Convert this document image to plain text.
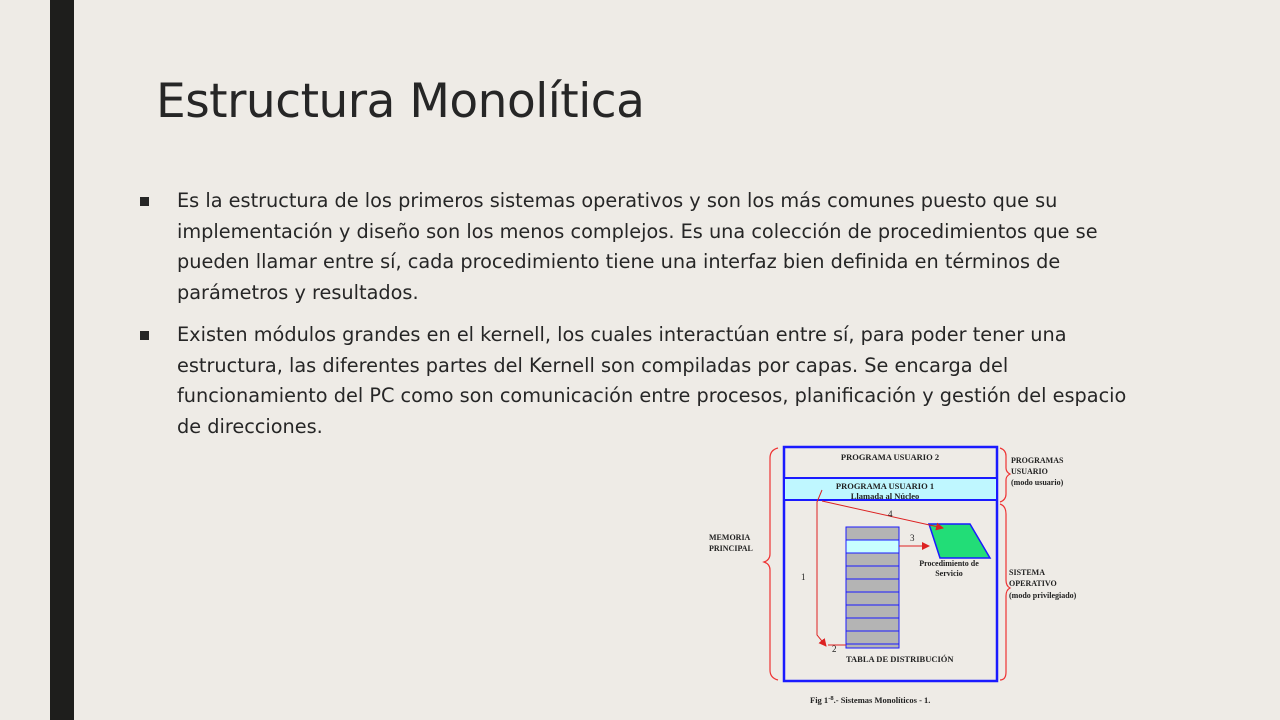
Estructura Monolítica
Es la estructura de los primeros sistemas operativos y son los más comunes puesto que su implementación y diseño son los menos complejos. Es una colección de procedimientos que se pueden llamar entre sí, cada procedimiento tiene una interfaz bien definida en términos de parámetros y resultados.
Existen módulos grandes en el kernell, los cuales interactúan entre sí, para poder tener una estructura, las diferentes partes del Kernell son compiladas por capas. Se encarga del funcionamiento del PC como son comunicación entre procesos, planificación y gestión del espacio de direcciones.
PROGRAMA USUARIO 2
PROGRAMA USUARIO 1
Llamada al Núcleo
TABLA DE DISTRIBUCIÓN
Procedimiento de
Servicio
1
2
3
4
MEMORIA
PRINCIPAL
PROGRAMAS
USUARIO
(modo usuario)
SISTEMA
OPERATIVO
(modo privilegiado)
Fig $1^{-8}.-$ Sistemas Monolíticos - 1.
